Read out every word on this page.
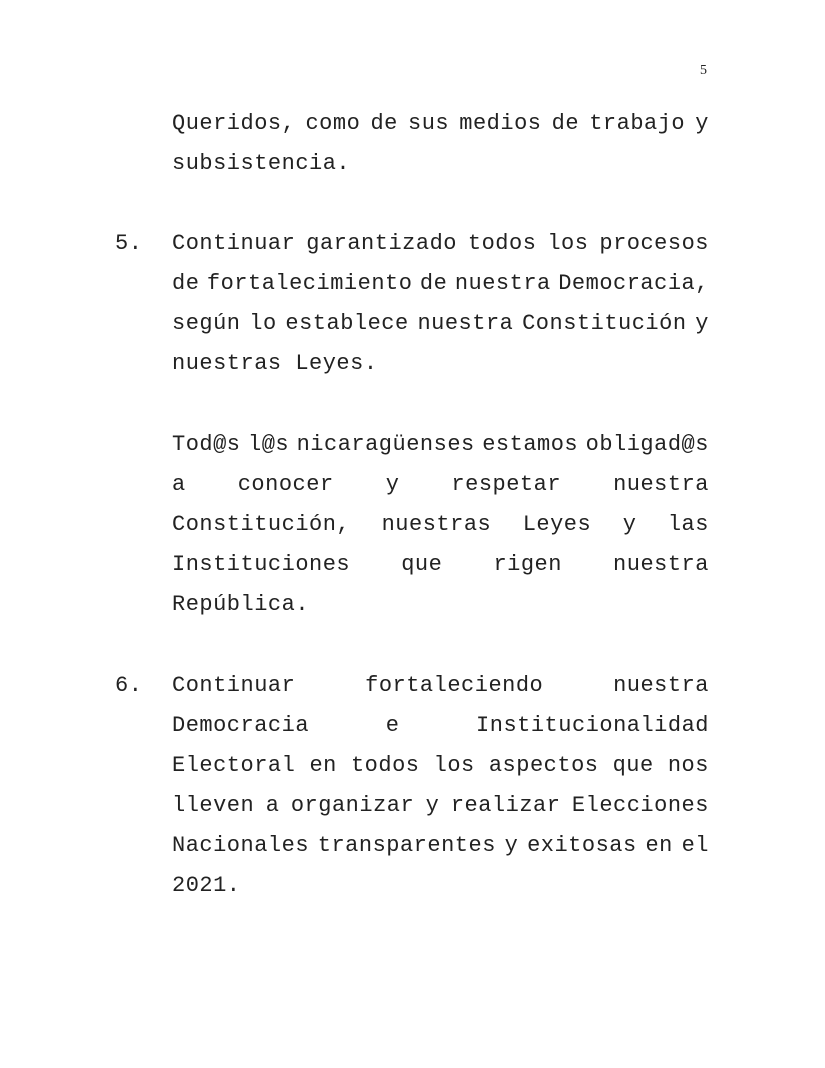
5
Queridos, como de sus medios de trabajo y
subsistencia.
5. Continuar garantizado todos los procesos
de fortalecimiento de nuestra Democracia,
según lo establece nuestra Constitución y
nuestras Leyes.
Tod@s l@s nicaragüenses estamos obligad@s
a conocer y respetar nuestra
Constitución, nuestras Leyes y las
Instituciones que rigen nuestra
República.
6. Continuar	fortaleciendo	nuestra
Democracia	e	Institucionalidad
Electoral en todos los aspectos que nos
lleven a organizar y realizar Elecciones
Nacionales transparentes y exitosas en el
2021.
